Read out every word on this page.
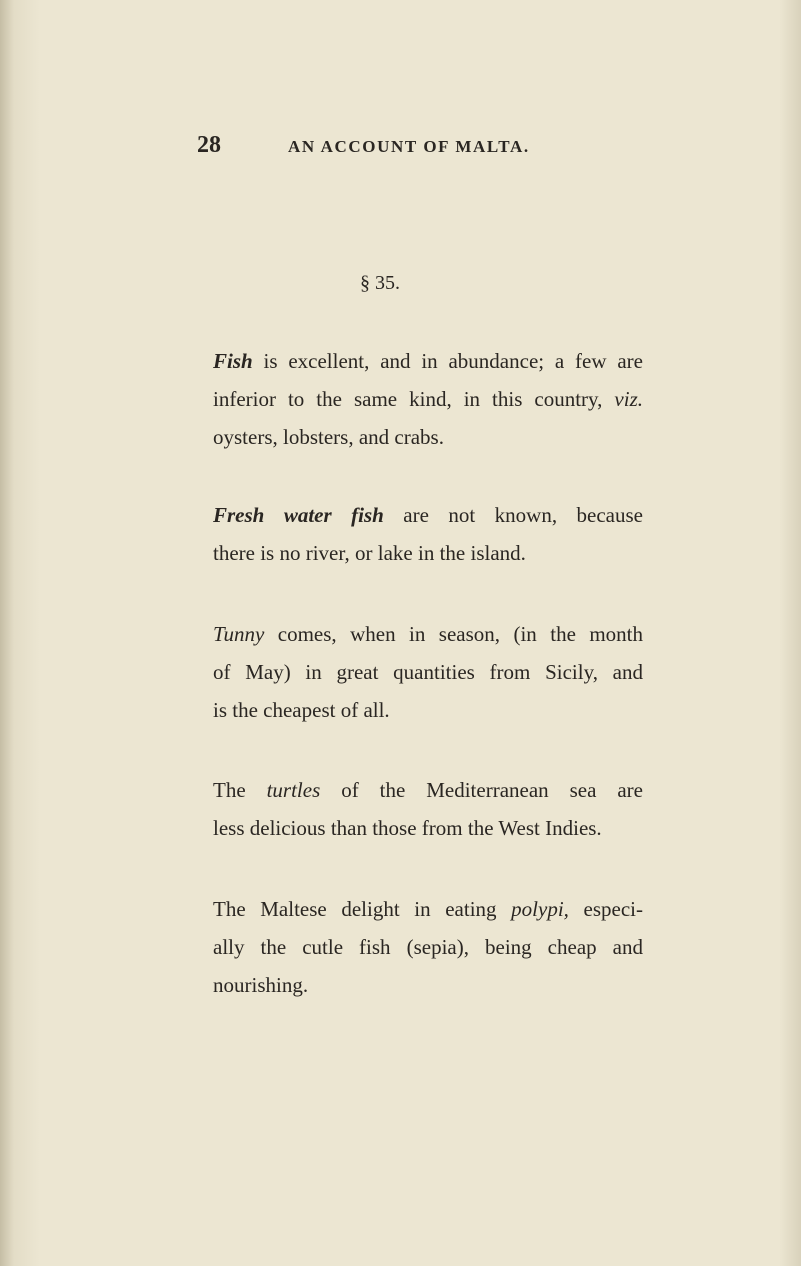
28	AN ACCOUNT OF MALTA.
§ 35.
Fish is excellent, and in abundance; a few are
inferior to the same kind, in this country, viz.
oysters, lobsters, and crabs.
Fresh water fish are not known, because
there is no river, or lake in the island.
Tunny comes, when in season, (in the month
of May) in great quantities from Sicily, and
is the cheapest of all.
The turtles of the Mediterranean sea are
less delicious than those from the West Indies.
The Maltese delight in eating polypi, especi-
ally the cutle fish (sepia), being cheap and
nourishing.
